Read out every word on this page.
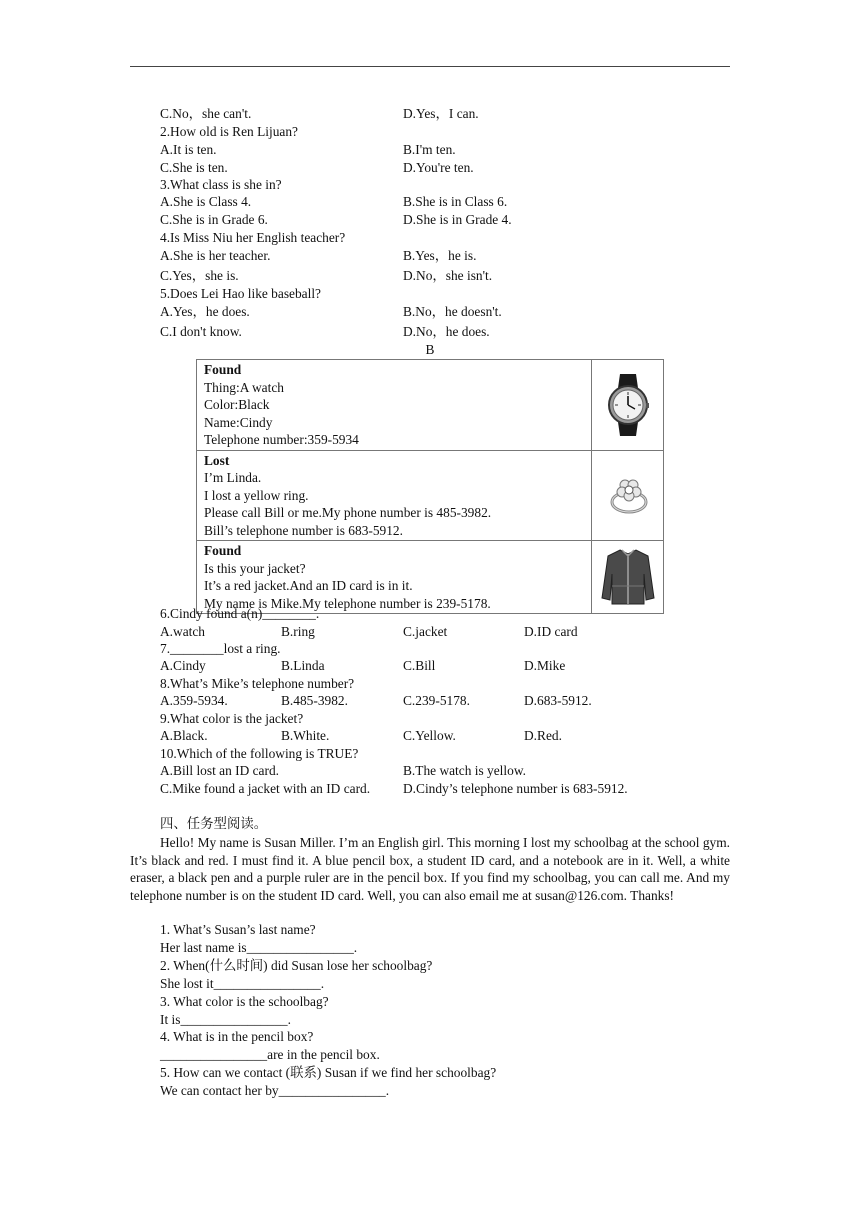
C.No，she can't.	D.Yes，I can.
2.How old is Ren Lijuan?
A.It is ten.	B.I'm ten.
C.She is ten.	D.You're ten.
3.What class is she in?
A.She is Class 4.	B.She is in Class 6.
C.She is in Grade 6.	D.She is in Grade 4.
4.Is Miss Niu her English teacher?
A.She is her teacher.	B.Yes，he is.
C.Yes，she is.	D.No，she isn't.
5.Does Lei Hao like baseball?
A.Yes，he does.	B.No，he doesn't.
C.I don't know.	D.No，he does.
B
Found
Thing:A watch
Color:Black
Name:Cindy
Telephone number:359-5934

Lost
I’m Linda.
I lost a yellow ring.
Please call Bill or me.My phone number is 485-3982.
Bill’s telephone number is 683-5912.

Found
Is this your jacket?
It’s a red jacket.And an ID card is in it.
My name is Mike.My telephone number is 239-5178.

6.Cindy found a(n)________.
A.watch	B.ring	C.jacket	D.ID card
7.________lost a ring.
A.Cindy	B.Linda	C.Bill	D.Mike
8.What’s Mike’s telephone number?
A.359-5934.	B.485-3982.	C.239-5178.	D.683-5912.
9.What color is the jacket?
A.Black.	B.White.	C.Yellow.	D.Red.
10.Which of the following is TRUE?
A.Bill lost an ID card.	B.The watch is yellow.
C.Mike found a jacket with an ID card. D.Cindy’s telephone number is 683-5912.
四、任务型阅读。
Hello! My name is Susan Miller. I’m an English girl. This morning I lost my schoolbag at the school gym. It’s black and red. I must find it. A blue pencil box, a student ID card, and a notebook are in it. Well, a white eraser, a black pen and a purple ruler are in the pencil box. If you find my schoolbag, you can call me. And my telephone number is on the student ID card. Well, you can also email me at susan@126.com. Thanks!
1. What’s Susan’s last name?
Her last name is________________.
2. When(什么时间) did Susan lose her schoolbag?
She lost it________________.
3. What color is the schoolbag?
It is________________.
4. What is in the pencil box?
________________are in the pencil box.
5. How can we contact (联系) Susan if we find her schoolbag?
We can contact her by________________.
